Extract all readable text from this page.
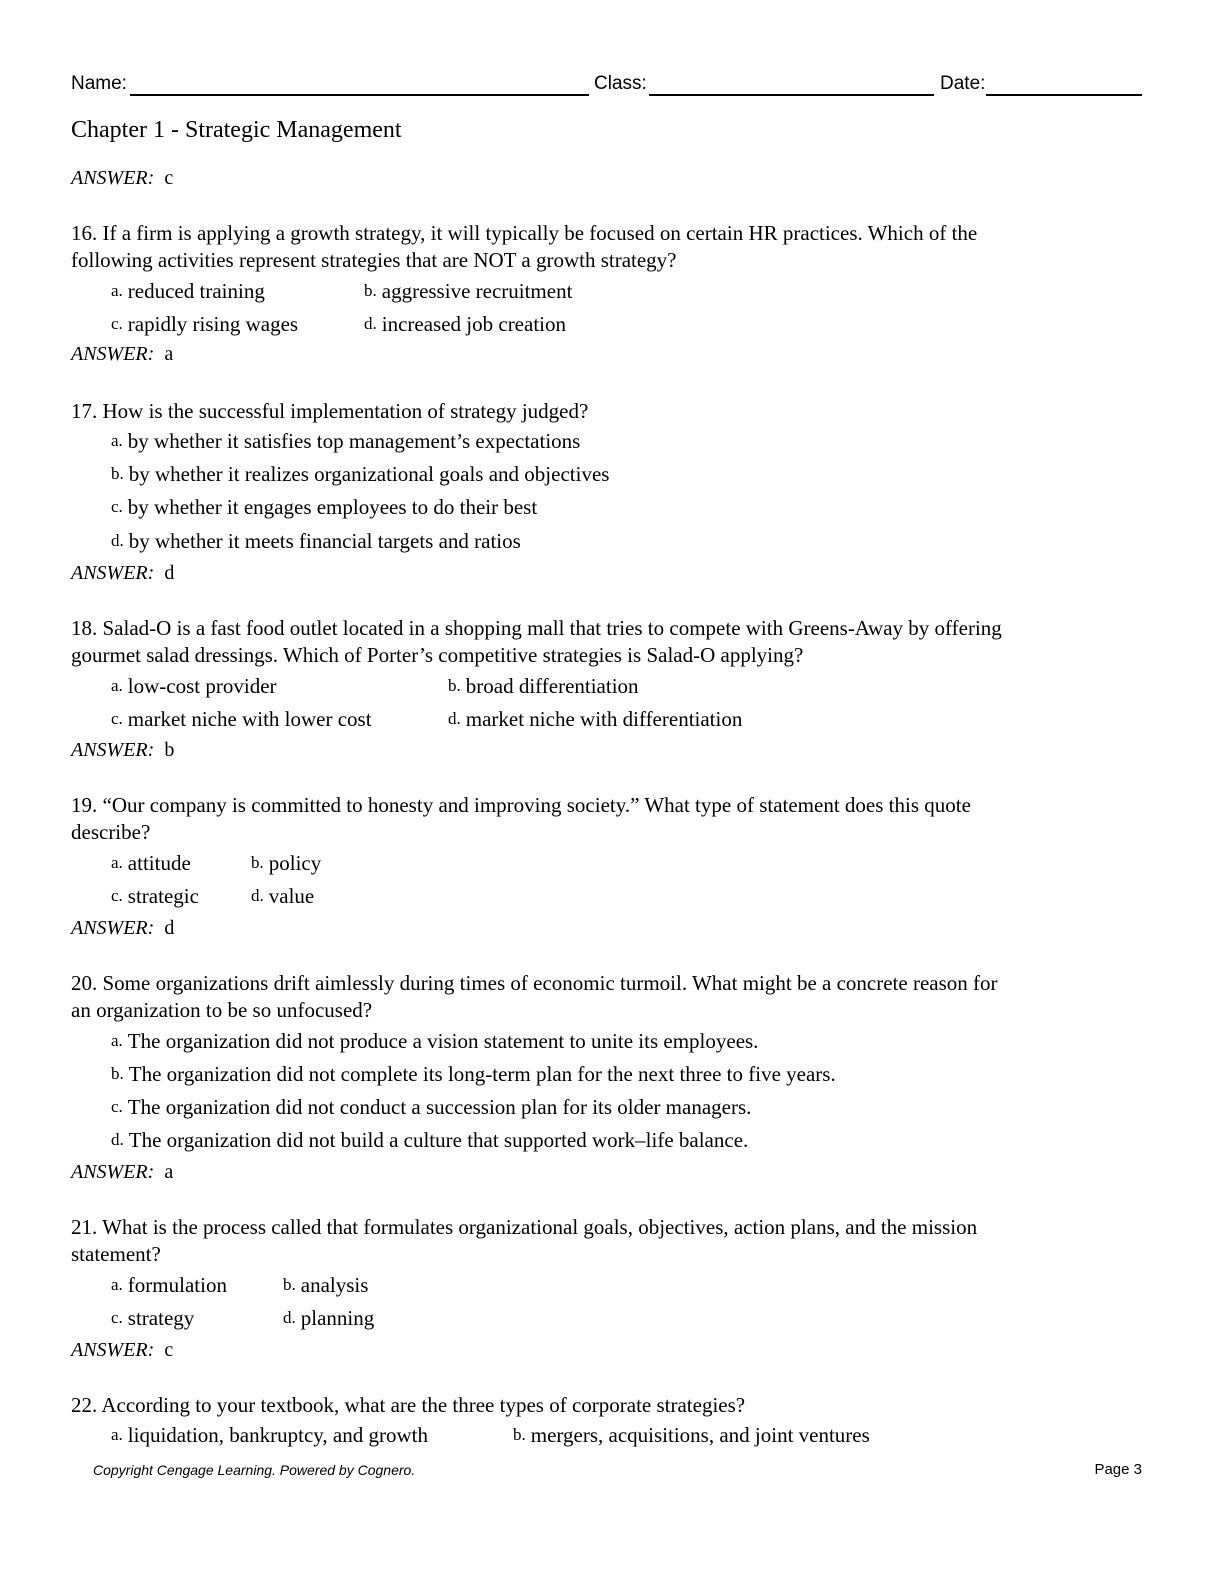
Name:	Class:	Date:
Chapter 1 - Strategic Management
ANSWER: c
16. If a firm is applying a growth strategy, it will typically be focused on certain HR practices. Which of the
following activities represent strategies that are NOT a growth strategy?
a. reduced training	b. aggressive recruitment
c. rapidly rising wages	d. increased job creation
ANSWER: a
17. How is the successful implementation of strategy judged?
a. by whether it satisfies top management’s expectations
b. by whether it realizes organizational goals and objectives
c. by whether it engages employees to do their best
d. by whether it meets financial targets and ratios
ANSWER: d
18. Salad-O is a fast food outlet located in a shopping mall that tries to compete with Greens-Away by offering
gourmet salad dressings. Which of Porter’s competitive strategies is Salad-O applying?
a. low-cost provider	b. broad differentiation
c. market niche with lower cost	d. market niche with differentiation
ANSWER: b
19. “Our company is committed to honesty and improving society.” What type of statement does this quote
describe?
a. attitude	b. policy
c. strategic	d. value
ANSWER: d
20. Some organizations drift aimlessly during times of economic turmoil. What might be a concrete reason for
an organization to be so unfocused?
a. The organization did not produce a vision statement to unite its employees.
b. The organization did not complete its long-term plan for the next three to five years.
c. The organization did not conduct a succession plan for its older managers.
d. The organization did not build a culture that supported work–life balance.
ANSWER: a
21. What is the process called that formulates organizational goals, objectives, action plans, and the mission
statement?
a. formulation	b. analysis
c. strategy	d. planning
ANSWER: c
22. According to your textbook, what are the three types of corporate strategies?
a. liquidation, bankruptcy, and growth	b. mergers, acquisitions, and joint ventures
Copyright Cengage Learning. Powered by Cognero.	Page 3
